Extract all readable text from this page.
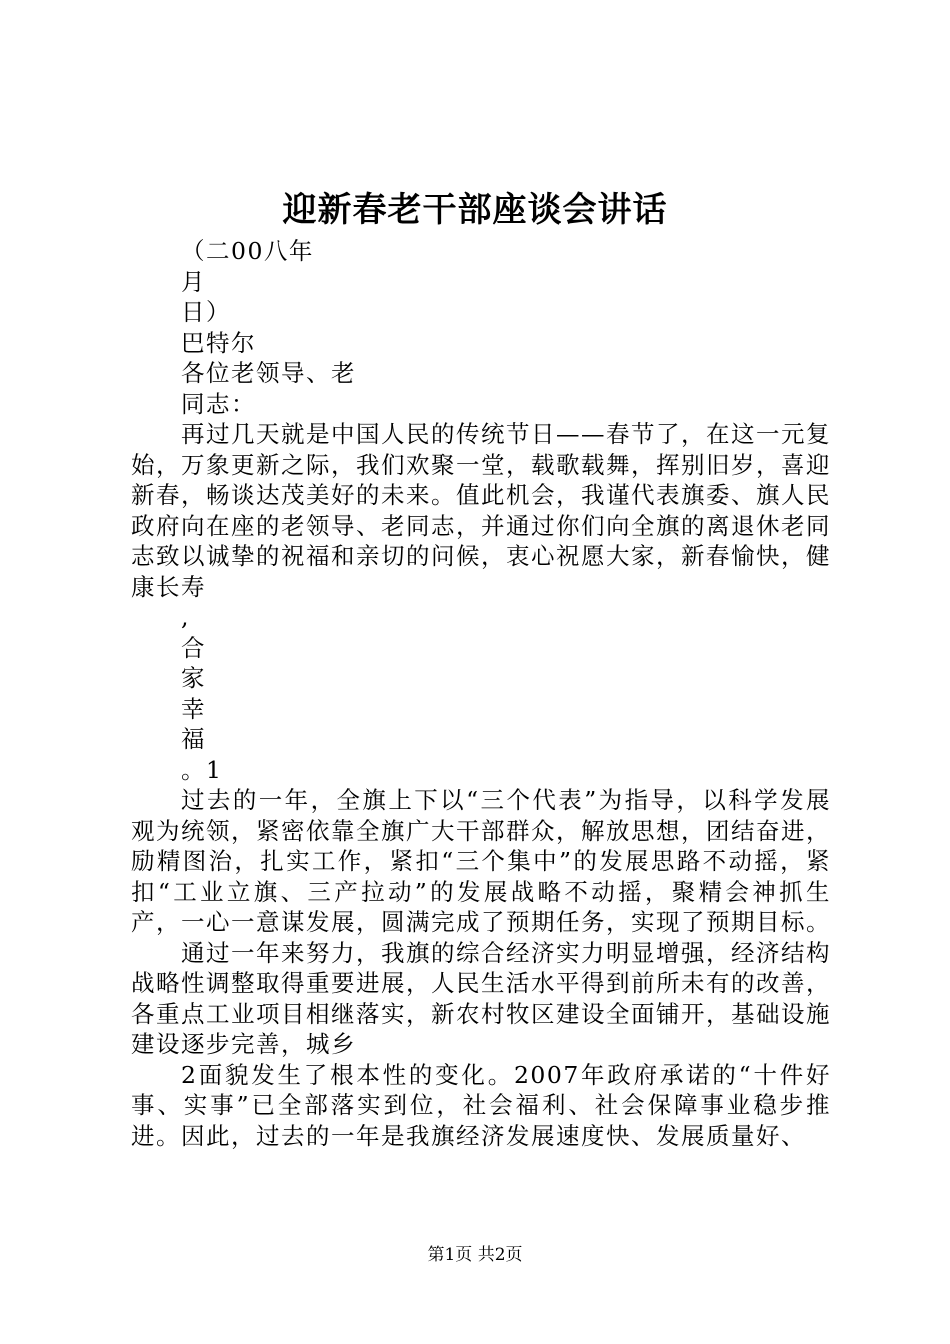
迎新春老干部座谈会讲话
（二00八年
月
日）
巴特尔
各位老领导、老
同志：
再过几天就是中国人民的传统节日——春节了，在这一元复始，万象更新之际，我们欢聚一堂，载歌载舞，挥别旧岁，喜迎新春，畅谈达茂美好的未来。值此机会，我谨代表旗委、旗人民政府向在座的老领导、老同志，并通过你们向全旗的离退休老同志致以诚挚的祝福和亲切的问候，衷心祝愿大家，新春愉快，健康长寿
,
合
家
幸
福
。1
过去的一年，全旗上下以“三个代表”为指导，以科学发展观为统领，紧密依靠全旗广大干部群众，解放思想，团结奋进，励精图治，扎实工作，紧扣“三个集中”的发展思路不动摇，紧扣“工业立旗、三产拉动”的发展战略不动摇，聚精会神抓生产，一心一意谋发展，圆满完成了预期任务，实现了预期目标。
通过一年来努力，我旗的综合经济实力明显增强，经济结构战略性调整取得重要进展，人民生活水平得到前所未有的改善，各重点工业项目相继落实，新农村牧区建设全面铺开，基础设施建设逐步完善，城乡
2面貌发生了根本性的变化。2007年政府承诺的“十件好事、实事”已全部落实到位，社会福利、社会保障事业稳步推进。因此，过去的一年是我旗经济发展速度快、发展质量好、
第1页 共2页
